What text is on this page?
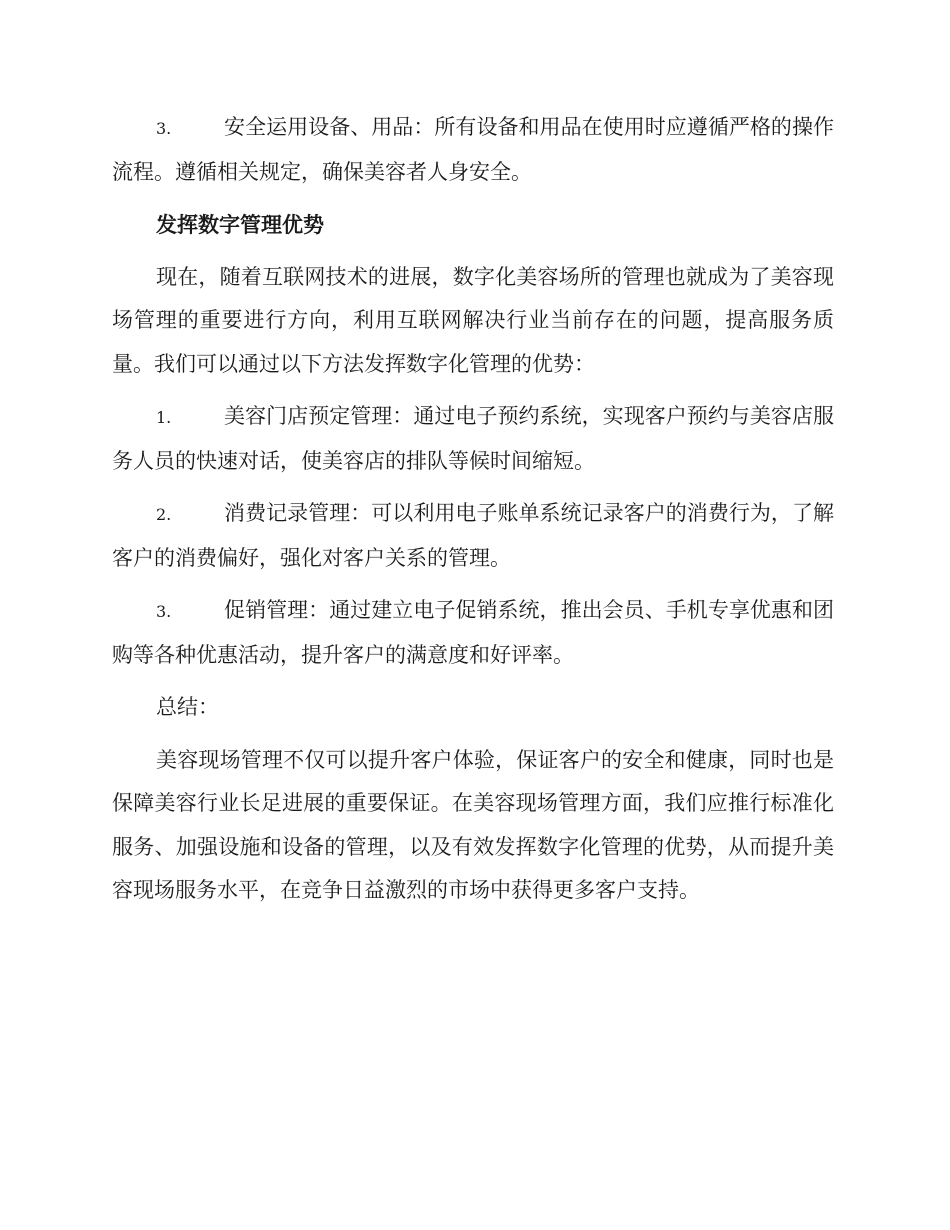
3.	安全运用设备、用品：所有设备和用品在使用时应遵循严格的操作流程。遵循相关规定，确保美容者人身安全。

发挥数字管理优势

现在，随着互联网技术的进展，数字化美容场所的管理也就成为了美容现场管理的重要进行方向，利用互联网解决行业当前存在的问题，提高服务质量。我们可以通过以下方法发挥数字化管理的优势：

1.	美容门店预定管理：通过电子预约系统，实现客户预约与美容店服务人员的快速对话，使美容店的排队等候时间缩短。

2.	消费记录管理：可以利用电子账单系统记录客户的消费行为，了解客户的消费偏好，强化对客户关系的管理。

3.	促销管理：通过建立电子促销系统，推出会员、手机专享优惠和团购等各种优惠活动，提升客户的满意度和好评率。

总结：

美容现场管理不仅可以提升客户体验，保证客户的安全和健康，同时也是保障美容行业长足进展的重要保证。在美容现场管理方面，我们应推行标准化服务、加强设施和设备的管理，以及有效发挥数字化管理的优势，从而提升美容现场服务水平，在竞争日益激烈的市场中获得更多客户支持。
